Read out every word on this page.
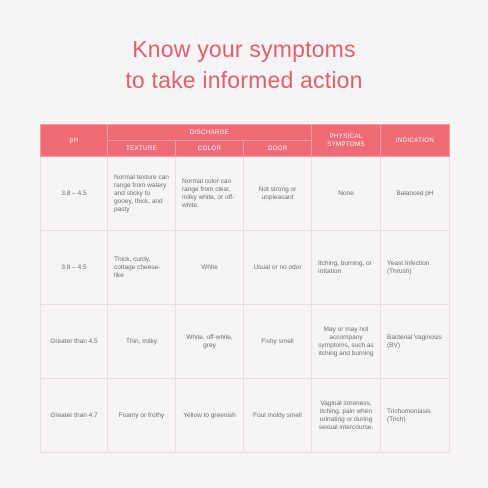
Know your symptoms
to take informed action
pH	DISCHARGE			PHYSICAL SYMPTOMS	INDICATION
	TEXTURE	COLOR	ODOR		
3.8 – 4.5	Normal texture can range from watery and sticky to gooey, thick, and pasty	Normal color can range from clear, milky white, or off-white.	Not strong or unpleasant	None	Balanced pH
3.8 – 4.5	Thick, curdy, cottage cheese-like	White	Usual or no odor	Itching, burning, or irritation	Yeast Infection (Thrush)
Greater than 4.5	Thin, milky	White, off-white, grey	Fishy smell	May or may not accompany symptoms, such as itching and burning	Bacterial Vaginosis (BV)
Greater than 4.7	Foamy or frothy	Yellow to greenish	Foul moldy smell	Vaginal soreness, itching, pain when urinating or during sexual intercourse.	Trichomoniasis (Trich)
